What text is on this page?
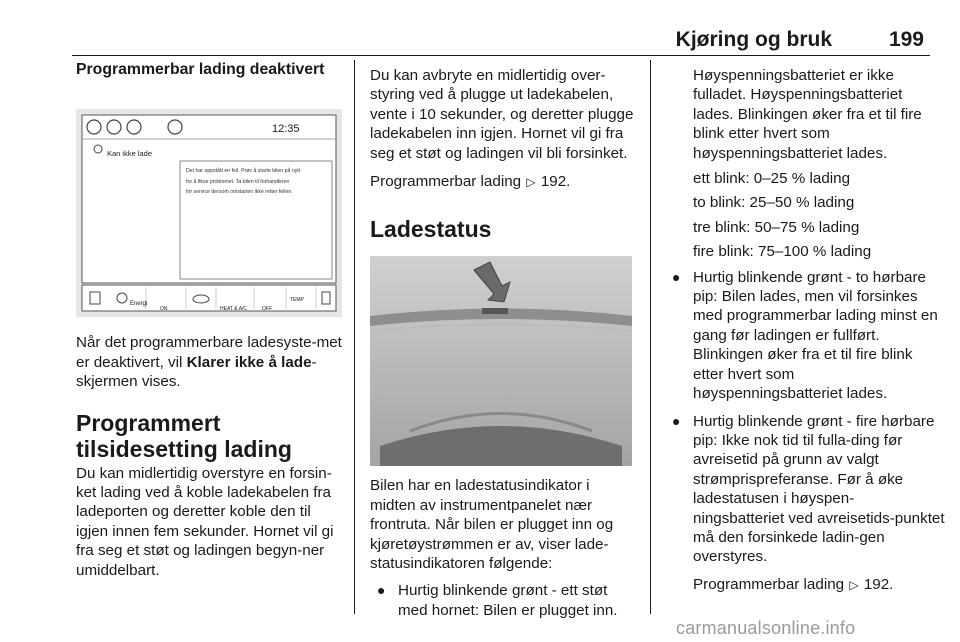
Kjøring og bruk	199

Programmerbar lading deaktivert

12:35
Kan ikke lade
Det har oppstått en feil. Prøv å starte bilen på nytt
for å fikse problemet. Ta bilen til forhandleren
for service dersom omstarten ikke retter feilen.
Energi
ON	HEAT & A/C	OFF
TEMP

Når det programmerbare ladesyste-met er deaktivert, vil Klarer ikke å lade-skjermen vises.

Programmert tilsidesetting lading

Du kan midlertidig overstyre en forsin-ket lading ved å koble ladekabelen fra ladeporten og deretter koble den til igjen innen fem sekunder. Hornet vil gi fra seg et støt og ladingen begyn-ner umiddelbart.

Du kan avbryte en midlertidig over-styring ved å plugge ut ladekabelen, vente i 10 sekunder, og deretter plugge ladekabelen inn igjen. Hornet vil gi fra seg et støt og ladingen vil bli forsinket.

Programmerbar lading ▷ 192.

Ladestatus

Bilen har en ladestatusindikator i midten av instrumentpanelet nær frontruta. Når bilen er plugget inn og kjøretøystrømmen er av, viser lade-statusindikatoren følgende:

● Hurtig blinkende grønt - ett støt med hornet: Bilen er plugget inn.

Høyspenningsbatteriet er ikke fulladet. Høyspenningsbatteriet lades. Blinkingen øker fra et til fire blink etter hvert som høyspenningsbatteriet lades.

ett blink: 0–25 % lading

to blink: 25–50 % lading

tre blink: 50–75 % lading

fire blink: 75–100 % lading

● Hurtig blinkende grønt - to hørbare pip: Bilen lades, men vil forsinkes med programmerbar lading minst en gang før ladingen er fullført. Blinkingen øker fra et til fire blink etter hvert som høyspenningsbatteriet lades.
● Hurtig blinkende grønt - fire hørbare pip: Ikke nok tid til fulla-ding før avreisetid på grunn av valgt strømprispreferanse. Før å øke ladestatusen i høyspen-ningsbatteriet ved avreisetids-punktet må den forsinkede ladin-gen overstyres.

Programmerbar lading ▷ 192.

carmanualsonline.info
